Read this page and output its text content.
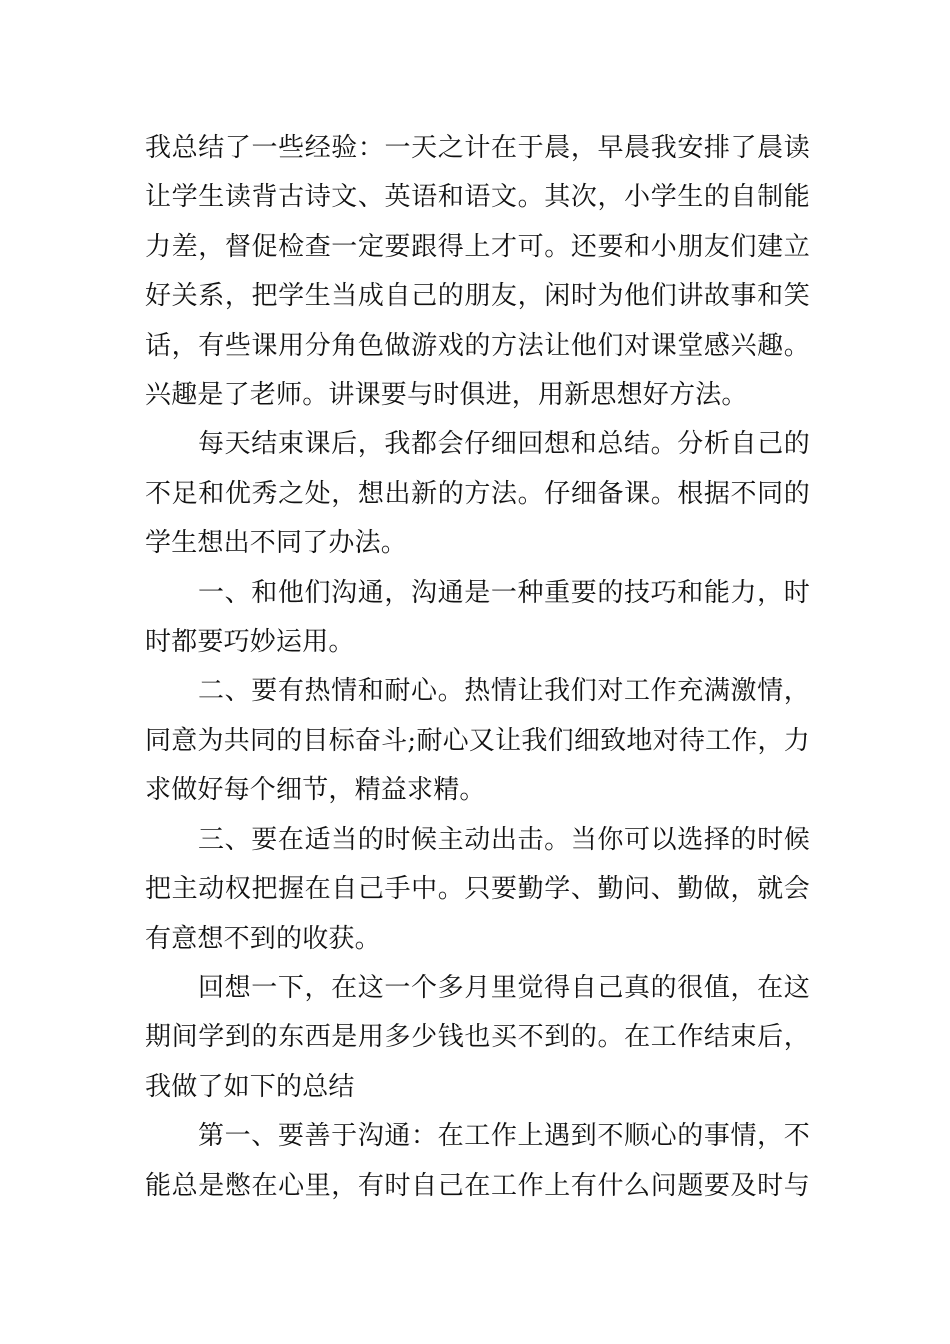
我总结了一些经验：一天之计在于晨，早晨我安排了晨读
让学生读背古诗文、英语和语文。其次，小学生的自制能
力差，督促检查一定要跟得上才可。还要和小朋友们建立
好关系，把学生当成自己的朋友，闲时为他们讲故事和笑
话，有些课用分角色做游戏的方法让他们对课堂感兴趣。
兴趣是了老师。讲课要与时俱进，用新思想好方法。

每天结束课后，我都会仔细回想和总结。分析自己的
不足和优秀之处，想出新的方法。仔细备课。根据不同的
学生想出不同了办法。

一、和他们沟通，沟通是一种重要的技巧和能力，时
时都要巧妙运用。

二、要有热情和耐心。热情让我们对工作充满激情，
同意为共同的目标奋斗;耐心又让我们细致地对待工作，力
求做好每个细节，精益求精。

三、要在适当的时候主动出击。当你可以选择的时候
把主动权把握在自己手中。只要勤学、勤问、勤做，就会
有意想不到的收获。

回想一下，在这一个多月里觉得自己真的很值，在这
期间学到的东西是用多少钱也买不到的。在工作结束后，
我做了如下的总结

第一、要善于沟通：在工作上遇到不顺心的事情，不
能总是憋在心里，有时自己在工作上有什么问题要及时与
